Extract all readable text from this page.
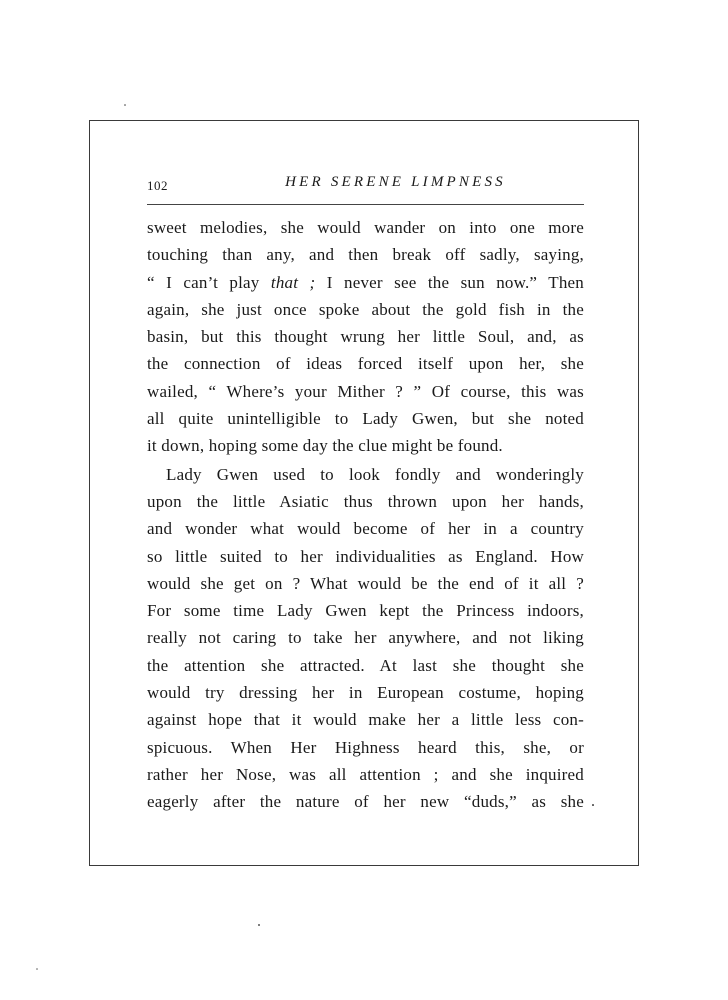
102	HER SERENE LIMPNESS
sweet melodies, she would wander on into one more
touching than any, and then break off sadly, saying,
“ I can’t play that ; I never see the sun now.” Then
again, she just once spoke about the gold fish in the
basin, but this thought wrung her little Soul, and, as
the connection of ideas forced itself upon her, she
wailed, “ Where’s your Mither ? ” Of course, this was
all quite unintelligible to Lady Gwen, but she noted
it down, hoping some day the clue might be found.
Lady Gwen used to look fondly and wonderingly
upon the little Asiatic thus thrown upon her hands,
and wonder what would become of her in a country
so little suited to her individualities as England. How
would she get on ? What would be the end of it all ?
For some time Lady Gwen kept the Princess indoors,
really not caring to take her anywhere, and not liking
the attention she attracted. At last she thought she
would try dressing her in European costume, hoping
against hope that it would make her a little less con-
spicuous. When Her Highness heard this, she, or
rather her Nose, was all attention ; and she inquired
eagerly after the nature of her new “duds,” as she
